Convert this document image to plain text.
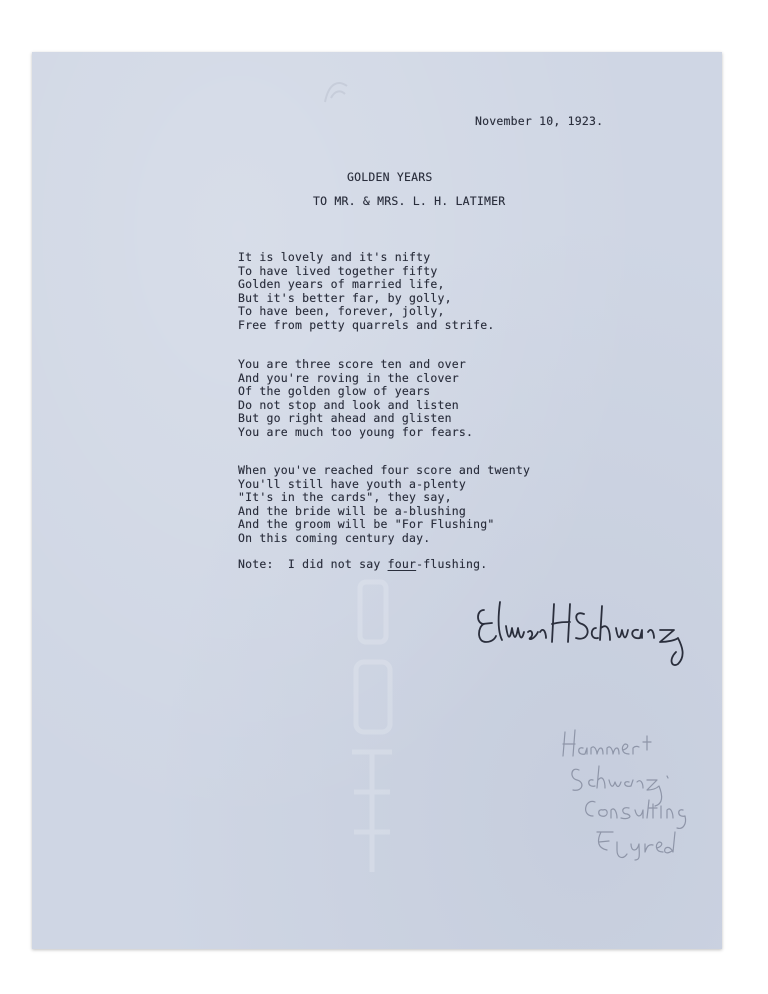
November 10, 1923.
GOLDEN YEARS
TO MR. & MRS. L. H. LATIMER
It is lovely and it's nifty
To have lived together fifty
Golden years of married life,
But it's better far, by golly,
To have been, forever, jolly,
Free from petty quarrels and strife.
You are three score ten and over
And you're roving in the clover
Of the golden glow of years
Do not stop and look and listen
But go right ahead and glisten
You are much too young for fears.
When you've reached four score and twenty
You'll still have youth a-plenty
"It's in the cards", they say,
And the bride will be a-blushing
And the groom will be "For Flushing"
On this coming century day.
Note:  I did not say four-flushing.
